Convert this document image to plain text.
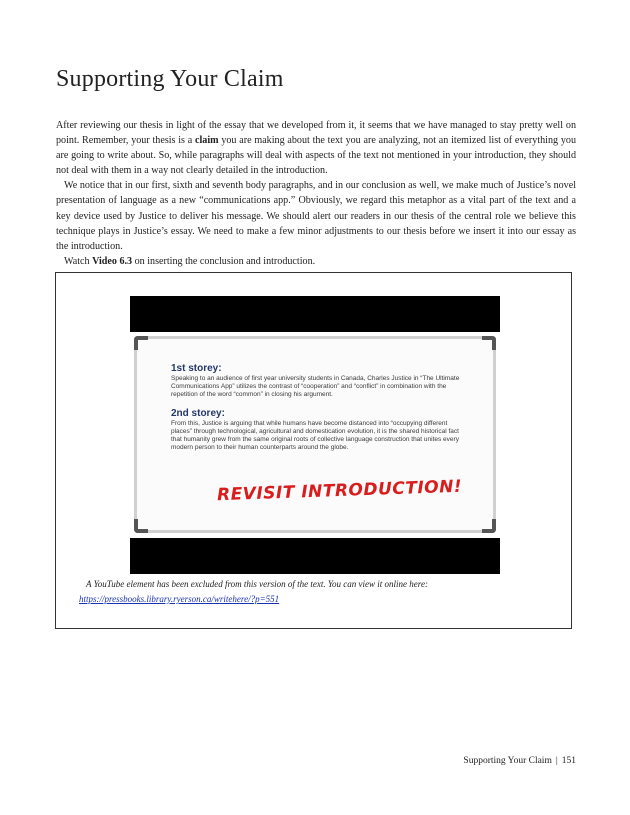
Supporting Your Claim

After reviewing our thesis in light of the essay that we developed from it, it seems that we have managed to stay pretty well on point. Remember, your thesis is a claim you are making about the text you are analyzing, not an itemized list of everything you are going to write about. So, while paragraphs will deal with aspects of the text not mentioned in your introduction, they should not deal with them in a way not clearly detailed in the introduction.

We notice that in our first, sixth and seventh body paragraphs, and in our conclusion as well, we make much of Justice’s novel presentation of language as a new “communications app.” Obviously, we regard this metaphor as a vital part of the text and a key device used by Justice to deliver his message. We should alert our readers in our thesis of the central role we believe this technique plays in Justice’s essay. We need to make a few minor adjustments to our thesis before we insert it into our essay as the introduction.

Watch Video 6.3 on inserting the conclusion and introduction.

1st storey:

Speaking to an audience of first year university students in Canada, Charles Justice in “The Ultimate Communications App” utilizes the contrast of “cooperation” and “conflict” in combination with the repetition of the word “common” in closing his argument.

2nd storey:

From this, Justice is arguing that while humans have become distanced into “occupying different places” through technological, agricultural and domestication evolution, it is the shared historical fact that humanity grew from the same original roots of collective language construction that unites every modern person to their human counterparts around the globe.

REVISIT INTRODUCTION!
A YouTube element has been excluded from this version of the text. You can view it online here:
https://pressbooks.library.ryerson.ca/writehere/?p=551
Supporting Your Claim | 151
